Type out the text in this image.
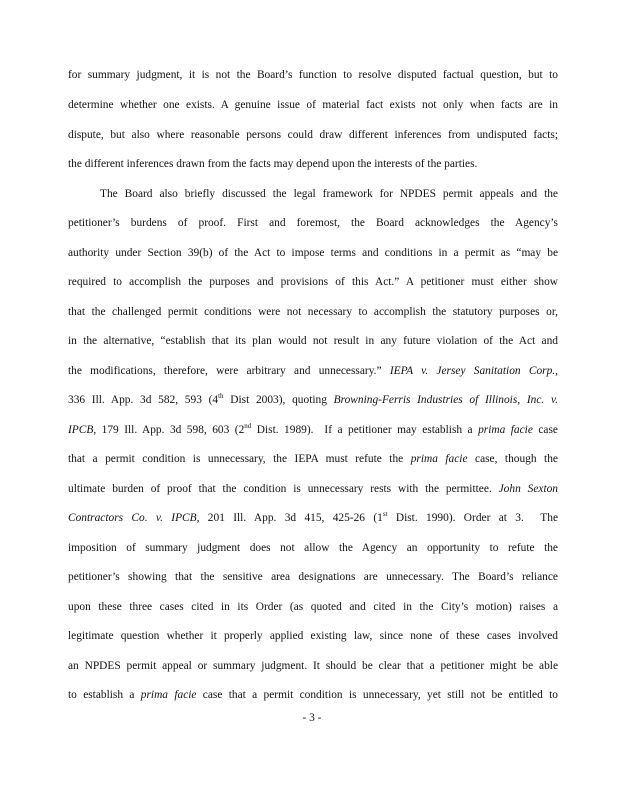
for summary judgment, it is not the Board’s function to resolve disputed factual question, but to
determine whether one exists. A genuine issue of material fact exists not only when facts are in
dispute, but also where reasonable persons could draw different inferences from undisputed facts;
the different inferences drawn from the facts may depend upon the interests of the parties.
The Board also briefly discussed the legal framework for NPDES permit appeals and the
petitioner’s burdens of proof. First and foremost, the Board acknowledges the Agency’s
authority under Section 39(b) of the Act to impose terms and conditions in a permit as “may be
required to accomplish the purposes and provisions of this Act.” A petitioner must either show
that the challenged permit conditions were not necessary to accomplish the statutory purposes or,
in the alternative, “establish that its plan would not result in any future violation of the Act and
the modifications, therefore, were arbitrary and unnecessary.” IEPA v. Jersey Sanitation Corp.,
336 Ill. App. 3d 582, 593 (4th Dist 2003), quoting Browning-Ferris Industries of Illinois, Inc. v.
IPCB, 179 Ill. App. 3d 598, 603 (2nd Dist. 1989).  If a petitioner may establish a prima facie case
that a permit condition is unnecessary, the IEPA must refute the prima facie case, though the
ultimate burden of proof that the condition is unnecessary rests with the permittee. John Sexton
Contractors Co. v. IPCB, 201 Ill. App. 3d 415, 425-26 (1st Dist. 1990). Order at 3.  The
imposition of summary judgment does not allow the Agency an opportunity to refute the
petitioner’s showing that the sensitive area designations are unnecessary. The Board’s reliance
upon these three cases cited in its Order (as quoted and cited in the City’s motion) raises a
legitimate question whether it properly applied existing law, since none of these cases involved
an NPDES permit appeal or summary judgment. It should be clear that a petitioner might be able
to establish a prima facie case that a permit condition is unnecessary, yet still not be entitled to
- 3 -
